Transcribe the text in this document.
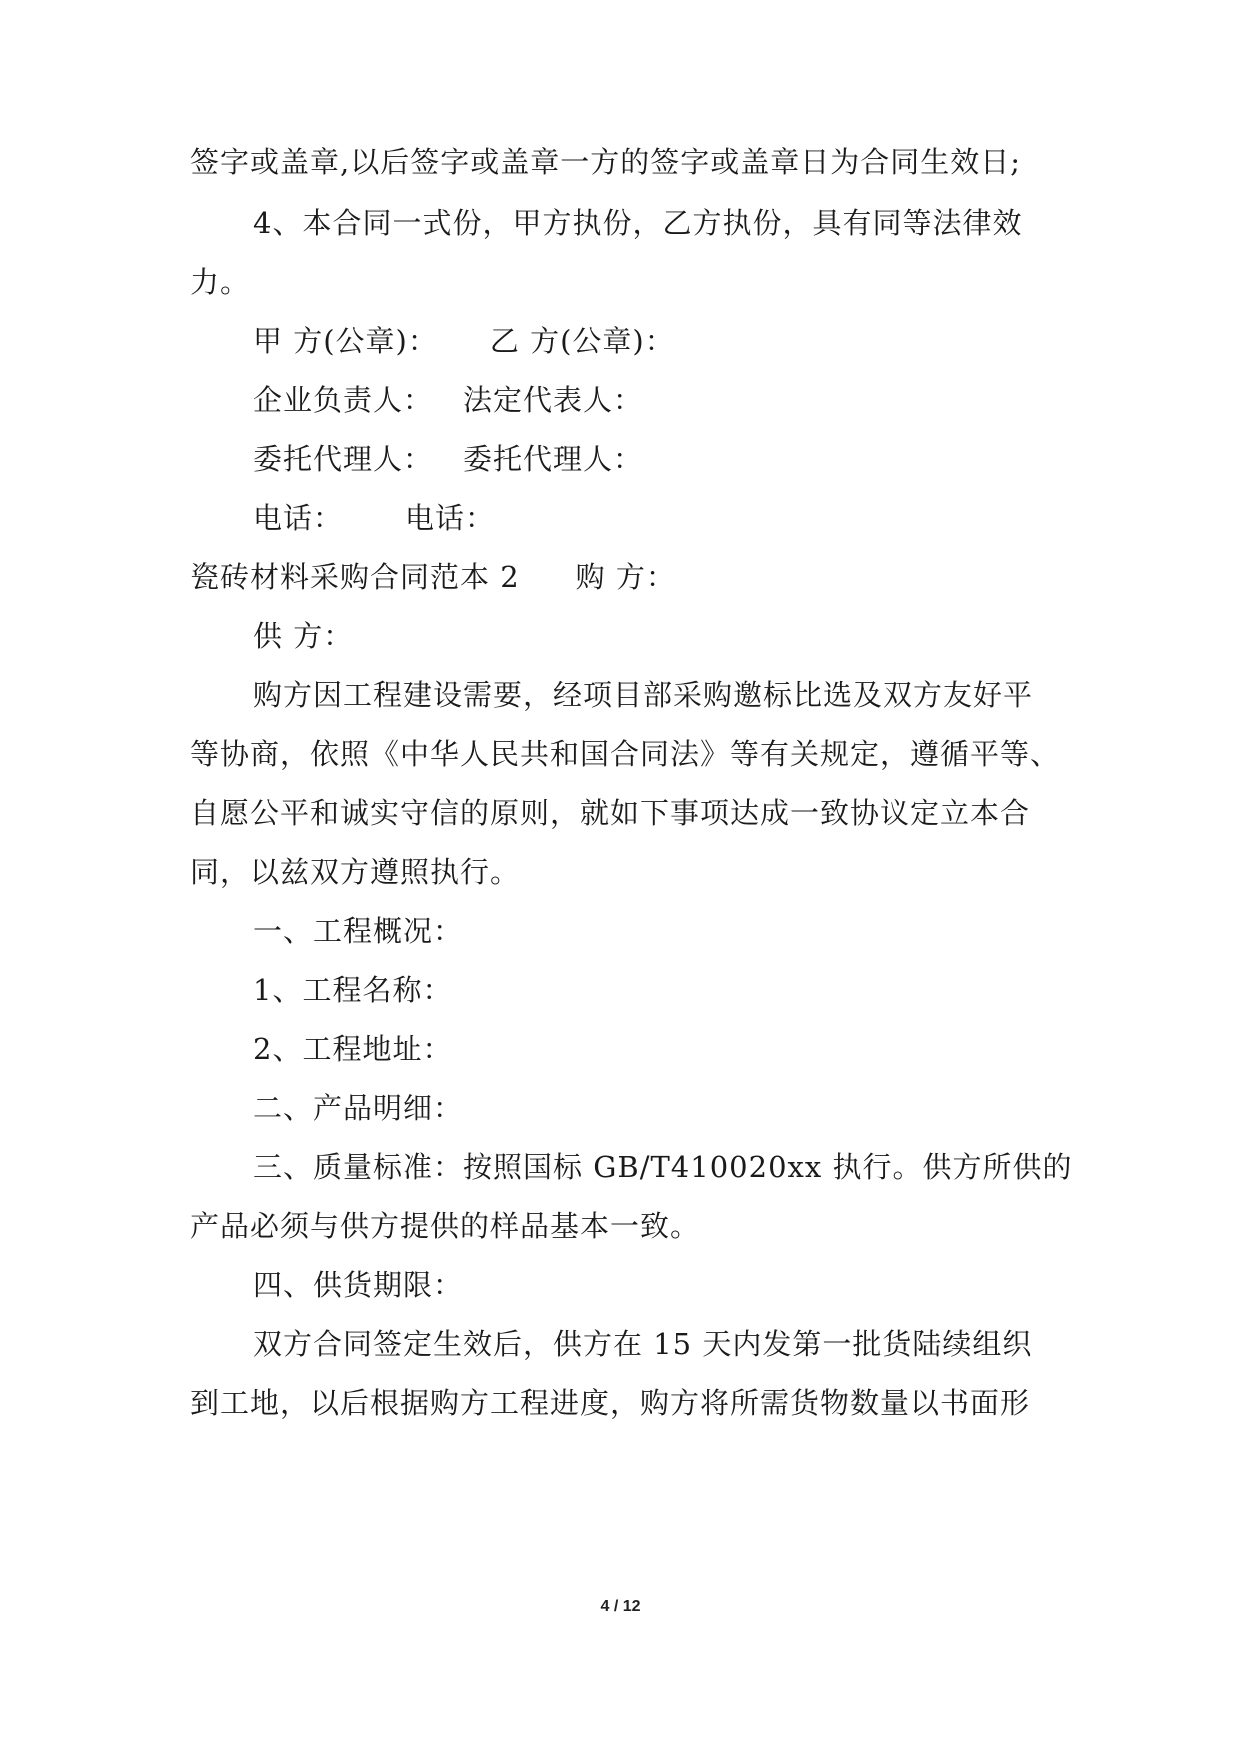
签字或盖章,以后签字或盖章一方的签字或盖章日为合同生效日;
4、本合同一式份，甲方执份，乙方执份，具有同等法律效
力。
甲 方(公章)： 乙 方(公章)：
企业负责人： 法定代表人：
委托代理人： 委托代理人：
电话： 电话：
瓷砖材料采购合同范本 2 购 方：
供 方：
购方因工程建设需要，经项目部采购邀标比选及双方友好平
等协商，依照《中华人民共和国合同法》等有关规定，遵循平等、
自愿公平和诚实守信的原则，就如下事项达成一致协议定立本合
同，以兹双方遵照执行。
一、工程概况：
1、工程名称：
2、工程地址：
二、产品明细：
三、质量标准：按照国标 GB/T410020xx 执行。供方所供的
产品必须与供方提供的样品基本一致。
四、供货期限：
双方合同签定生效后，供方在 15 天内发第一批货陆续组织
到工地，以后根据购方工程进度，购方将所需货物数量以书面形
4 / 12
